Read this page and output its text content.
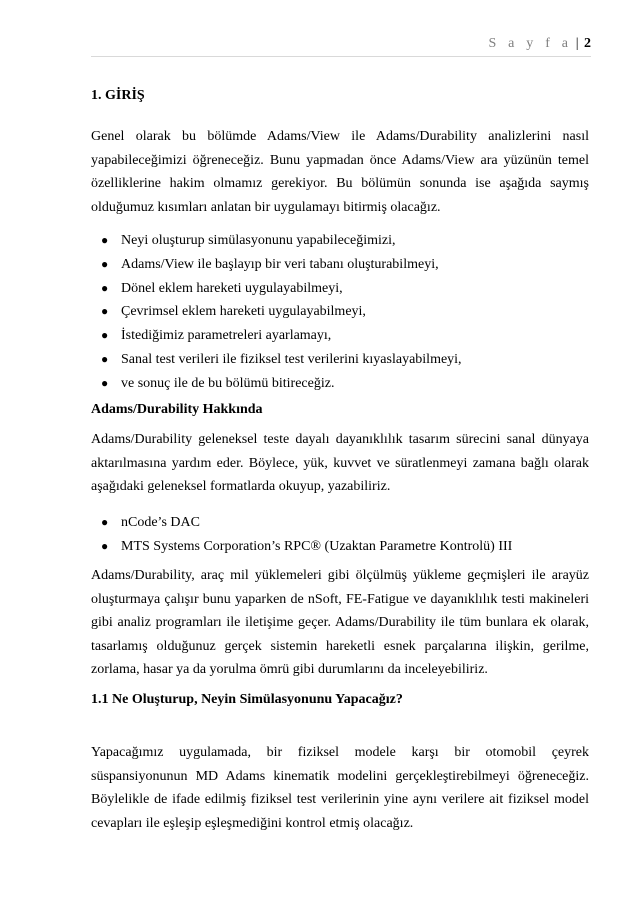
S a y f a | 2
1. GİRİŞ

Genel olarak bu bölümde Adams/View ile Adams/Durability analizlerini nasıl yapabileceğimizi öğreneceğiz. Bunu yapmadan önce Adams/View ara yüzünün temel özelliklerine hakim olmamız gerekiyor. Bu bölümün sonunda ise aşağıda saymış olduğumuz kısımları anlatan bir uygulamayı bitirmiş olacağız.

● Neyi oluşturup simülasyonunu yapabileceğimizi,
● Adams/View ile başlayıp bir veri tabanı oluşturabilmeyi,
● Dönel eklem hareketi uygulayabilmeyi,
● Çevrimsel eklem hareketi uygulayabilmeyi,
● İstediğimiz parametreleri ayarlamayı,
● Sanal test verileri ile fiziksel test verilerini kıyaslayabilmeyi,
● ve sonuç ile de bu bölümü bitireceğiz.
Adams/Durability Hakkında

Adams/Durability geleneksel teste dayalı dayanıklılık tasarım sürecini sanal dünyaya aktarılmasına yardım eder. Böylece, yük, kuvvet ve süratlenmeyi zamana bağlı olarak aşağıdaki geleneksel formatlarda okuyup, yazabiliriz.

● nCode’s DAC
● MTS Systems Corporation’s RPC® (Uzaktan Parametre Kontrolü) III

Adams/Durability, araç mil yüklemeleri gibi ölçülmüş yükleme geçmişleri ile arayüz oluşturmaya çalışır bunu yaparken de nSoft, FE-Fatigue ve dayanıklılık testi makineleri gibi analiz programları ile iletişime geçer. Adams/Durability ile tüm bunlara ek olarak, tasarlamış olduğunuz gerçek sistemin hareketli esnek parçalarına ilişkin, gerilme, zorlama, hasar ya da yorulma ömrü gibi durumlarını da inceleyebiliriz.

1.1 Ne Oluşturup, Neyin Simülasyonunu Yapacağız?

Yapacağımız uygulamada, bir fiziksel modele karşı bir otomobil çeyrek süspansiyonunun MD Adams kinematik modelini gerçekleştirebilmeyi öğreneceğiz. Böylelikle de ifade edilmiş fiziksel test verilerinin yine aynı verilere ait fiziksel model cevapları ile eşleşip eşleşmediğini kontrol etmiş olacağız.
